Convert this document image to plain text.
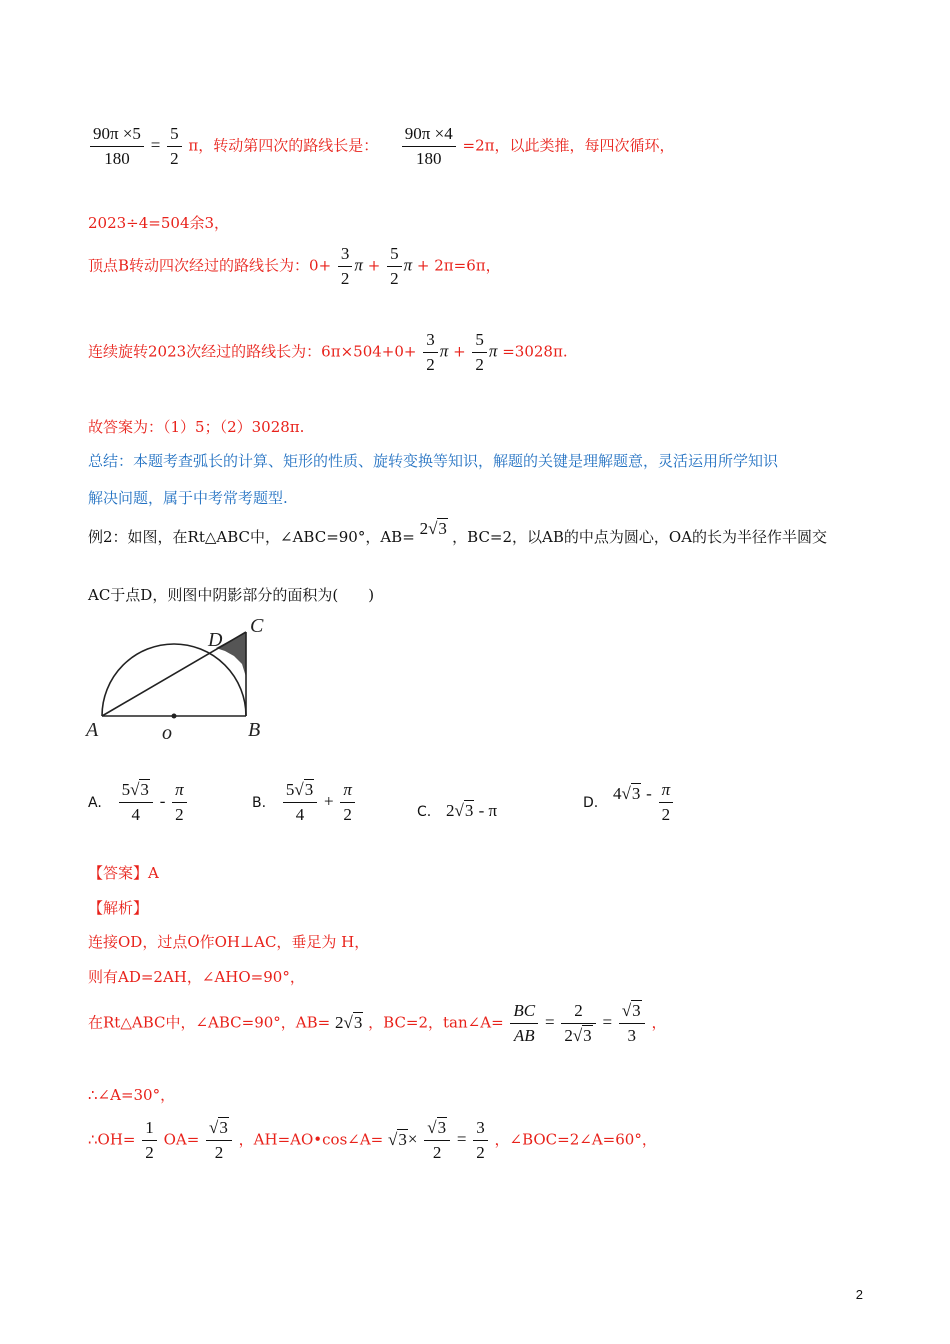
$\frac{90\pi \times 5}{180} = \frac{5}{2}$ π，转动第四次的路线长是： $\frac{90\pi \times 4}{180} =2\pi$，以此类推，每四次循环，
2023÷4=504余3，
顶点B转动四次经过的路线长为：$0+ \frac{3}{2}$ $\pi + \frac{5}{2}$ π + 2π=6π，
连续旋转2023次经过的路线长为：$6\pi\times 504+0+ \frac{3}{2}$ $\pi + \frac{5}{2}$ π =3028π.
故答案为：（1）5；（2）3028π.
总结：本题考查弧长的计算、矩形的性质、旋转变换等知识，解题的关键是理解题意，灵活运用所学知识
解决问题，属于中考常考题型.
例2：如图，在Rt△ABC中，∠ABC=90°，AB= 2√3 ，BC=2，以AB的中点为圆心，OA的长为半径作半圆交
AC于点D，则图中阴影部分的面积为(　　)
A	B
C
D
o
A. $\frac{5√3}{4} - \frac{\pi}{2}$	B. $\frac{5√3}{4} + \frac{\pi}{2}$	C. 2√3 - π	D. $4√3 - \frac{\pi}{2}$
【答案】A
【解析】
连接OD，过点O作OH⊥AC，垂足为 H，
则有AD=2AH，∠AHO=90°，
在Rt△ABC中，∠ABC=90°，AB= 2√3 ，BC=2，tan∠A= $\frac{BC}{AB} = \frac{2}{2√3} = \frac{√3}{3}$ ，
∴∠A=30°，
∴OH= $\frac{1}{2} OA= \frac{√3}{2}$ ，AH=AO•cos∠A= $√3\times \frac{√3}{2} = \frac{3}{2}$ ，∠BOC=2∠A=60°，
2
